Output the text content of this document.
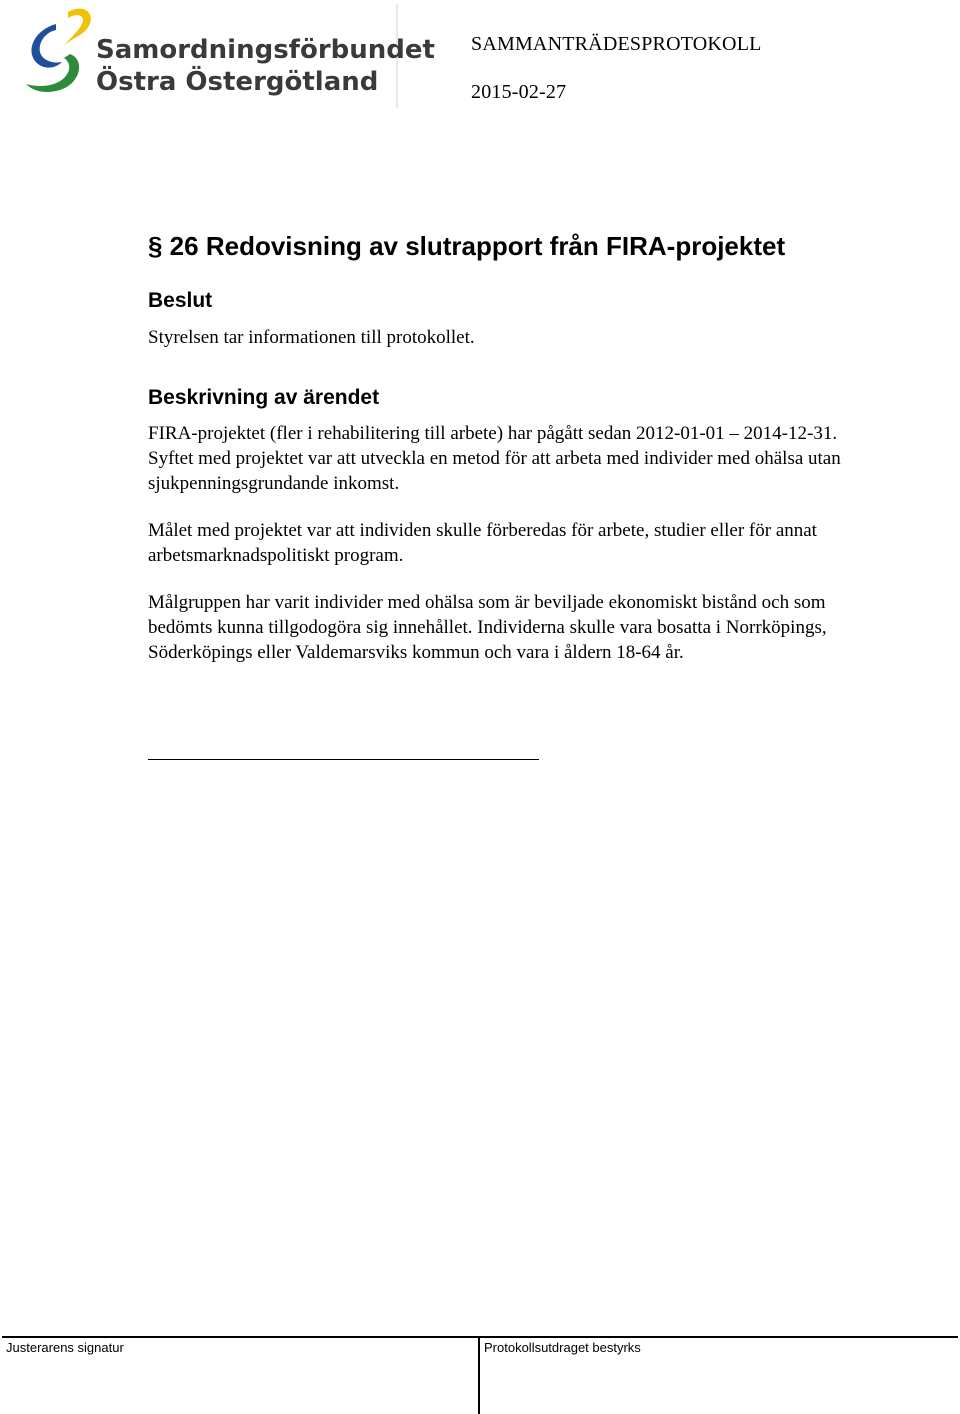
Samordningsförbundet
Östra Östergötland
SAMMANTRÄDESPROTOKOLL
2015-02-27
§ 26 Redovisning av slutrapport från FIRA-projektet
Beslut

Styrelsen tar informationen till protokollet.

Beskrivning av ärendet

FIRA-projektet (fler i rehabilitering till arbete) har pågått sedan 2012-01-01 – 2014-12-31. Syftet med projektet var att utveckla en metod för att arbeta med individer med ohälsa utan sjukpenningsgrundande inkomst.

Målet med projektet var att individen skulle förberedas för arbete, studier eller för annat arbetsmarknadspolitiskt program.

Målgruppen har varit individer med ohälsa som är beviljade ekonomiskt bistånd och som bedömts kunna tillgodogöra sig innehållet. Individerna skulle vara bosatta i Norrköpings, Söderköpings eller Valdemarsviks kommun och vara i åldern 18-64 år.

Justerarens signatur	Protokollsutdraget bestyrks
